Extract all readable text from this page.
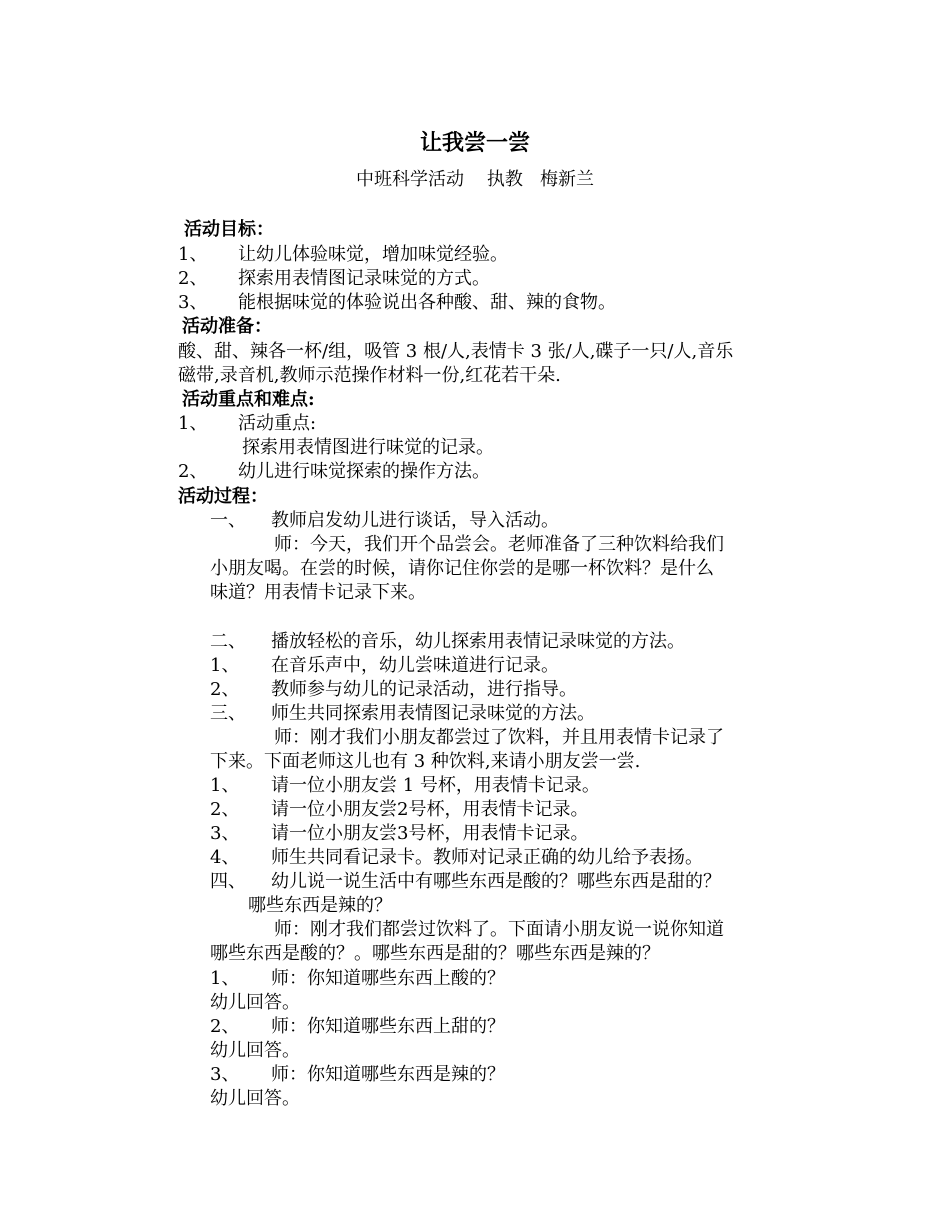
让我尝一尝
中班科学活动    执教   梅新兰
活动目标：
1、 让幼儿体验味觉，增加味觉经验。
2、 探索用表情图记录味觉的方式。
3、 能根据味觉的体验说出各种酸、甜、辣的食物。
活动准备：
酸、甜、辣各一杯/组，吸管 3 根/人,表情卡 3 张/人,碟子一只/人,音乐
磁带,录音机,教师示范操作材料一份,红花若干朵.
活动重点和难点:
1、 活动重点:
探索用表情图进行味觉的记录。
2、 幼儿进行味觉探索的操作方法。
活动过程：
一、 教师启发幼儿进行谈话，导入活动。
师：今天，我们开个品尝会。老师准备了三种饮料给我们
小朋友喝。在尝的时候，请你记住你尝的是哪一杯饮料？是什么
味道？用表情卡记录下来。
二、 播放轻松的音乐，幼儿探索用表情记录味觉的方法。
1、 在音乐声中，幼儿尝味道进行记录。
2、 教师参与幼儿的记录活动，进行指导。
三、 师生共同探索用表情图记录味觉的方法。
师：刚才我们小朋友都尝过了饮料，并且用表情卡记录了
下来。下面老师这儿也有 3 种饮料,来请小朋友尝一尝.
1、 请一位小朋友尝 1 号杯，用表情卡记录。
2、 请一位小朋友尝2号杯，用表情卡记录。
3、 请一位小朋友尝3号杯，用表情卡记录。
4、 师生共同看记录卡。教师对记录正确的幼儿给予表扬。
四、 幼儿说一说生活中有哪些东西是酸的？哪些东西是甜的？
哪些东西是辣的？
师：刚才我们都尝过饮料了。下面请小朋友说一说你知道
哪些东西是酸的？。哪些东西是甜的？哪些东西是辣的？
1、 师：你知道哪些东西上酸的？
幼儿回答。
2、 师：你知道哪些东西上甜的？
幼儿回答。
3、 师：你知道哪些东西是辣的？
幼儿回答。
